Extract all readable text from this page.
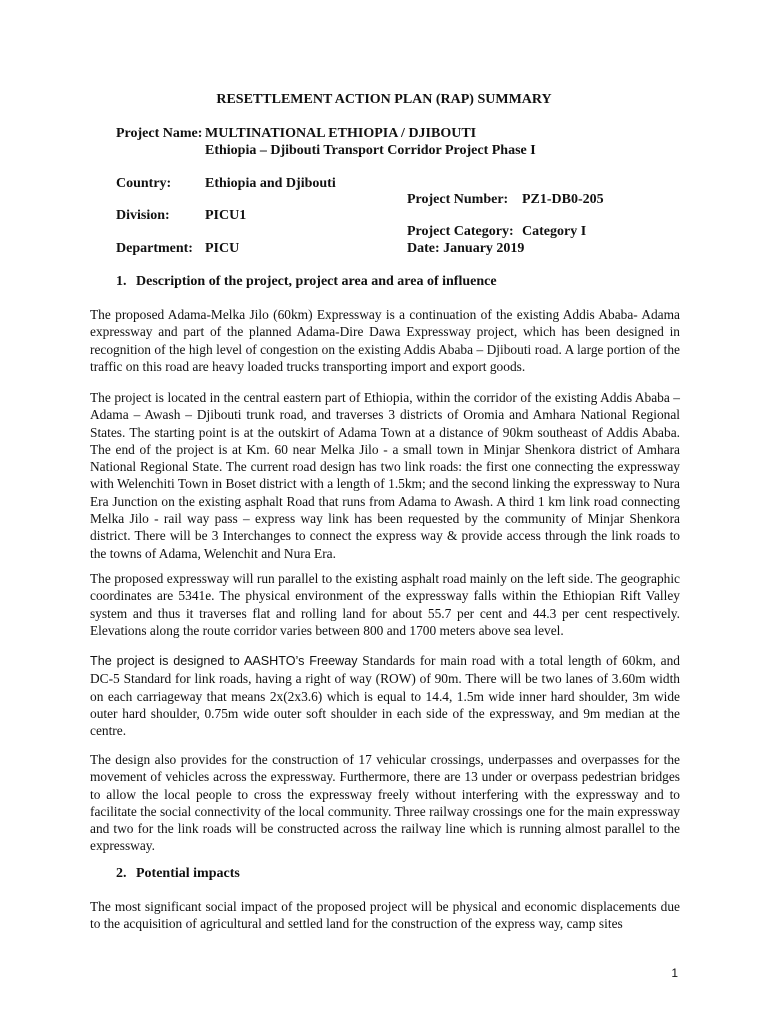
RESETTLEMENT ACTION PLAN (RAP) SUMMARY
Project Name: MULTINATIONAL ETHIOPIA / DJIBOUTI
Ethiopia – Djibouti Transport Corridor Project Phase I
Country: Ethiopia and Djibouti
Project Number: PZ1-DB0-205
Division:	PICU1
Project Category: Category I
Department: PICU	Date: January 2019
1. Description of the project, project area and area of influence

The proposed Adama-Melka Jilo (60km) Expressway is a continuation of the existing Addis Ababa- Adama expressway and part of the planned Adama-Dire Dawa Expressway project, which has been designed in recognition of the high level of congestion on the existing Addis Ababa – Djibouti road. A large portion of the traffic on this road are heavy loaded trucks transporting import and export goods.

The project is located in the central eastern part of Ethiopia, within the corridor of the existing Addis Ababa – Adama – Awash – Djibouti trunk road, and traverses 3 districts of Oromia and Amhara National Regional States. The starting point is at the outskirt of Adama Town at a distance of 90km southeast of Addis Ababa. The end of the project is at Km. 60 near Melka Jilo - a small town in Minjar Shenkora district of Amhara National Regional State. The current road design has two link roads: the first one connecting the expressway with Welenchiti Town in Boset district with a length of 1.5km; and the second linking the expressway to Nura Era Junction on the existing asphalt Road that runs from Adama to Awash. A third 1 km link road connecting Melka Jilo - rail way pass – express way link has been requested by the community of Minjar Shenkora district. There will be 3 Interchanges to connect the express way & provide access through the link roads to the towns of Adama, Welenchit and Nura Era.

The proposed expressway will run parallel to the existing asphalt road mainly on the left side. The geographic coordinates are 5341e. The physical environment of the expressway falls within the Ethiopian Rift Valley system and thus it traverses flat and rolling land for about 55.7 per cent and 44.3 per cent respectively. Elevations along the route corridor varies between 800 and 1700 meters above sea level.

The project is designed to AASHTO’s Freeway Standards for main road with a total length of 60km, and DC-5 Standard for link roads, having a right of way (ROW) of 90m. There will be two lanes of 3.60m width on each carriageway that means 2x(2x3.6) which is equal to 14.4, 1.5m wide inner hard shoulder, 3m wide outer hard shoulder, 0.75m wide outer soft shoulder in each side of the expressway, and 9m median at the centre.

The design also provides for the construction of 17 vehicular crossings, underpasses and overpasses for the movement of vehicles across the expressway. Furthermore, there are 13 under or overpass pedestrian bridges to allow the local people to cross the expressway freely without interfering with the expressway and to facilitate the social connectivity of the local community. Three railway crossings one for the main expressway and two for the link roads will be constructed across the railway line which is running almost parallel to the expressway.

2. Potential impacts

The most significant social impact of the proposed project will be physical and economic displacements due to the acquisition of agricultural and settled land for the construction of the express way, camp sites

1
